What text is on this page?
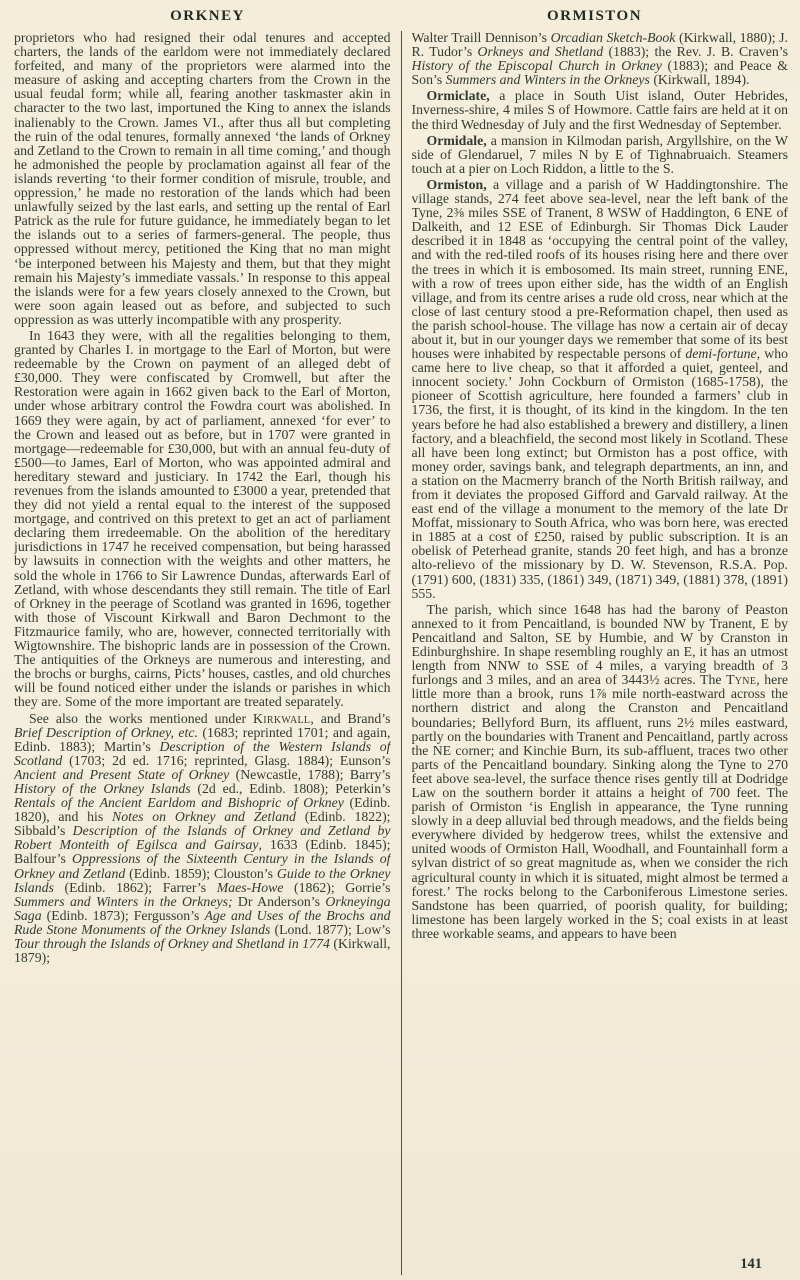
ORKNEY	ORMISTON

proprietors who had resigned their odal tenures and accepted charters, the lands of the earldom were not immediately declared forfeited, and many of the proprietors were alarmed into the measure of asking and accepting charters from the Crown in the usual feudal form; while all, fearing another taskmaster akin in character to the two last, importuned the King to annex the islands inalienably to the Crown. James VI., after thus all but completing the ruin of the odal tenures, formally annexed ‘the lands of Orkney and Zetland to the Crown to remain in all time coming,’ and though he admonished the people by proclamation against all fear of the islands reverting ‘to their former condition of misrule, trouble, and oppression,’ he made no restoration of the lands which had been unlawfully seized by the last earls, and setting up the rental of Earl Patrick as the rule for future guidance, he immediately began to let the islands out to a series of farmers-general. The people, thus oppressed without mercy, petitioned the King that no man might ‘be interponed between his Majesty and them, but that they might remain his Majesty’s immediate vassals.’ In response to this appeal the islands were for a few years closely annexed to the Crown, but were soon again leased out as before, and subjected to such oppression as was utterly incompatible with any prosperity.

In 1643 they were, with all the regalities belonging to them, granted by Charles I. in mortgage to the Earl of Morton, but were redeemable by the Crown on payment of an alleged debt of £30,000. They were confiscated by Cromwell, but after the Restoration were again in 1662 given back to the Earl of Morton, under whose arbitrary control the Fowdra court was abolished. In 1669 they were again, by act of parliament, annexed ‘for ever’ to the Crown and leased out as before, but in 1707 were granted in mortgage—redeemable for £30,000, but with an annual feu-duty of £500—to James, Earl of Morton, who was appointed admiral and hereditary steward and justiciary. In 1742 the Earl, though his revenues from the islands amounted to £3000 a year, pretended that they did not yield a rental equal to the interest of the supposed mortgage, and contrived on this pretext to get an act of parliament declaring them irredeemable. On the abolition of the hereditary jurisdictions in 1747 he received compensation, but being harassed by lawsuits in connection with the weights and other matters, he sold the whole in 1766 to Sir Lawrence Dundas, afterwards Earl of Zetland, with whose descendants they still remain. The title of Earl of Orkney in the peerage of Scotland was granted in 1696, together with those of Viscount Kirkwall and Baron Dechmont to the Fitzmaurice family, who are, however, connected territorially with Wigtownshire. The bishopric lands are in possession of the Crown. The antiquities of the Orkneys are numerous and interesting, and the brochs or burghs, cairns, Picts’ houses, castles, and old churches will be found noticed either under the islands or parishes in which they are. Some of the more important are treated separately.

See also the works mentioned under Kirkwall, and Brand’s Brief Description of Orkney, etc. (1683; reprinted 1701; and again, Edinb. 1883); Martin’s Description of the Western Islands of Scotland (1703; 2d ed. 1716; reprinted, Glasg. 1884); Eunson’s Ancient and Present State of Orkney (Newcastle, 1788); Barry’s History of the Orkney Islands (2d ed., Edinb. 1808); Peterkin’s Rentals of the Ancient Earldom and Bishopric of Orkney (Edinb. 1820), and his Notes on Orkney and Zetland (Edinb. 1822); Sibbald’s Description of the Islands of Orkney and Zetland by Robert Monteith of Egilsca and Gairsay, 1633 (Edinb. 1845); Balfour’s Oppressions of the Sixteenth Century in the Islands of Orkney and Zetland (Edinb. 1859); Clouston’s Guide to the Orkney Islands (Edinb. 1862); Farrer’s Maes-Howe (1862); Gorrie’s Summers and Winters in the Orkneys; Dr Anderson’s Orkneyinga Saga (Edinb. 1873); Fergusson’s Age and Uses of the Brochs and Rude Stone Monuments of the Orkney Islands (Lond. 1877); Low’s Tour through the Islands of Orkney and Shetland in 1774 (Kirkwall, 1879);

Walter Traill Dennison’s Orcadian Sketch-Book (Kirkwall, 1880); J. R. Tudor’s Orkneys and Shetland (1883); the Rev. J. B. Craven’s History of the Episcopal Church in Orkney (1883); and Peace & Son’s Summers and Winters in the Orkneys (Kirkwall, 1894).

Ormiclate, a place in South Uist island, Outer Hebrides, Inverness-shire, 4 miles S of Howmore. Cattle fairs are held at it on the third Wednesday of July and the first Wednesday of September.

Ormidale, a mansion in Kilmodan parish, Argyllshire, on the W side of Glendaruel, 7 miles N by E of Tighnabruaich. Steamers touch at a pier on Loch Riddon, a little to the S.

Ormiston, a village and a parish of W Haddingtonshire. The village stands, 274 feet above sea-level, near the left bank of the Tyne, 2⅜ miles SSE of Tranent, 8 WSW of Haddington, 6 ENE of Dalkeith, and 12 ESE of Edinburgh. Sir Thomas Dick Lauder described it in 1848 as ‘occupying the central point of the valley, and with the red-tiled roofs of its houses rising here and there over the trees in which it is embosomed. Its main street, running ENE, with a row of trees upon either side, has the width of an English village, and from its centre arises a rude old cross, near which at the close of last century stood a pre-Reformation chapel, then used as the parish school-house. The village has now a certain air of decay about it, but in our younger days we remember that some of its best houses were inhabited by respectable persons of demi-fortune, who came here to live cheap, so that it afforded a quiet, genteel, and innocent society.’ John Cockburn of Ormiston (1685-1758), the pioneer of Scottish agriculture, here founded a farmers’ club in 1736, the first, it is thought, of its kind in the kingdom. In the ten years before he had also established a brewery and distillery, a linen factory, and a bleachfield, the second most likely in Scotland. These all have been long extinct; but Ormiston has a post office, with money order, savings bank, and telegraph departments, an inn, and a station on the Macmerry branch of the North British railway, and from it deviates the proposed Gifford and Garvald railway. At the east end of the village a monument to the memory of the late Dr Moffat, missionary to South Africa, who was born here, was erected in 1885 at a cost of £250, raised by public subscription. It is an obelisk of Peterhead granite, stands 20 feet high, and has a bronze alto-relievo of the missionary by D. W. Stevenson, R.S.A. Pop. (1791) 600, (1831) 335, (1861) 349, (1871) 349, (1881) 378, (1891) 555.

The parish, which since 1648 has had the barony of Peaston annexed to it from Pencaitland, is bounded NW by Tranent, E by Pencaitland and Salton, SE by Humbie, and W by Cranston in Edinburghshire. In shape resembling roughly an E, it has an utmost length from NNW to SSE of 4 miles, a varying breadth of 3 furlongs and 3 miles, and an area of 3443½ acres. The Tyne, here little more than a brook, runs 1⅞ mile north-eastward across the northern district and along the Cranston and Pencaitland boundaries; Bellyford Burn, its affluent, runs 2½ miles eastward, partly on the boundaries with Tranent and Pencaitland, partly across the NE corner; and Kinchie Burn, its sub-affluent, traces two other parts of the Pencaitland boundary. Sinking along the Tyne to 270 feet above sea-level, the surface thence rises gently till at Dodridge Law on the southern border it attains a height of 700 feet. The parish of Ormiston ‘is English in appearance, the Tyne running slowly in a deep alluvial bed through meadows, and the fields being everywhere divided by hedgerow trees, whilst the extensive and united woods of Ormiston Hall, Woodhall, and Fountainhall form a sylvan district of so great magnitude as, when we consider the rich agricultural county in which it is situated, might almost be termed a forest.’ The rocks belong to the Carboniferous Limestone series. Sandstone has been quarried, of poorish quality, for building; limestone has been largely worked in the S; coal exists in at least three workable seams, and appears to have been

141
